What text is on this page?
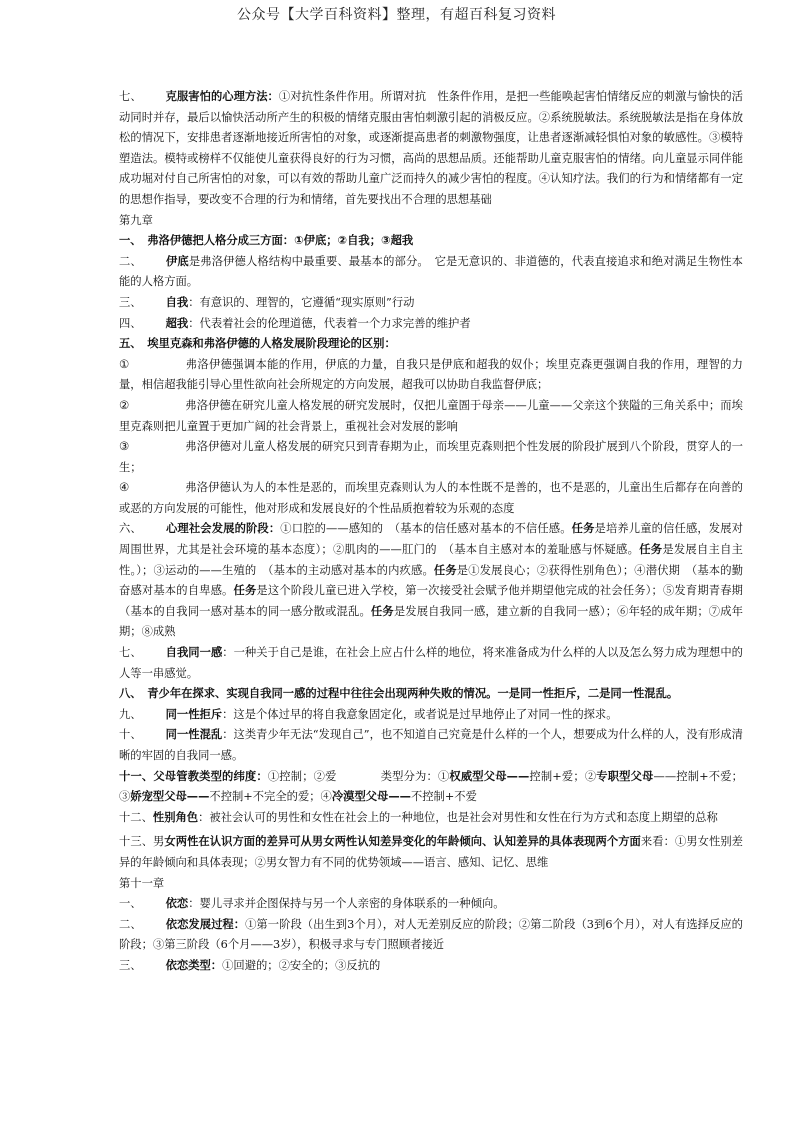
公众号【大学百科资料】整理，有超百科复习资料

七、 克服害怕的心理方法：①对抗性条件作用。所谓对抗　性条件作用，是把一些能唤起害怕情绪反应的刺激与愉快的活动同时并存，最后以愉快活动所产生的积极的情绪克服由害怕刺激引起的消极反应。②系统脱敏法。系统脱敏法是指在身体放松的情况下，安排患者逐渐地接近所害怕的对象，或逐渐提高患者的刺激物强度，让患者逐渐减轻惧怕对象的敏感性。③模特塑造法。模特或榜样不仅能使儿童获得良好的行为习惯，高尚的思想品质。还能帮助儿童克服害怕的情绪。向儿童显示同伴能成功堀对付自己所害怕的对象，可以有效的帮助儿童广泛而持久的减少害怕的程度。④认知疗法。我们的行为和情绪都有一定的思想作指导，要改变不合理的行为和情绪，首先要找出不合理的思想基础

第九章

一、　弗洛伊德把人格分成三方面：①伊底；②自我；③超我

二、 伊底是弗洛伊德人格结构中最重要、最基本的部分。　它是无意识的、非道德的，代表直接追求和绝对满足生物性本能的人格方面。

三、 自我：有意识的、理智的，它遵循“现实原则”行动

四、 超我：代表着社会的伦理道德，代表着一个力求完善的维护者

五、　埃里克森和弗洛伊德的人格发展阶段理论的区别：

①	弗洛伊德强调本能的作用，伊底的力量，自我只是伊底和超我的奴仆；埃里克森更强调自我的作用，理智的力量，相信超我能引导心里性欲向社会所规定的方向发展，超我可以协助自我监督伊底；

②	弗洛伊德在研究儿童人格发展的研究发展时，仅把儿童圄于母亲——儿童——父亲这个狭隘的三角关系中；而埃里克森则把儿童置于更加广阔的社会背景上，重视社会对发展的影响

③	弗洛伊德对儿童人格发展的研究只到青春期为止，而埃里克森则把个性发展的阶段扩展到八个阶段，贯穿人的一生；

④	弗洛伊德认为人的本性是恶的，而埃里克森则认为人的本性既不是善的，也不是恶的，儿童出生后都存在向善的或恶的方向发展的可能性，他对形成和发展良好的个性品质抱着较为乐观的态度

六、 心理社会发展的阶段：①口腔的——感知的　（基本的信任感对基本的不信任感。任务是培养儿童的信任感，发展对周围世界，尤其是社会环境的基本态度）；②肌肉的——肛门的　（基本自主感对本的羞耻感与怀疑感。任务是发展自主自主性。）；③运动的——生殖的　（基本的主动感对基本的内疚感。任务是①发展良心；②获得性别角色）；④潜伏期　（基本的勤奋感对基本的自卑感。任务是这个阶段儿童已进入学校，第一次接受社会赋予他并期望他完成的社会任务）；⑤发育期青春期　（基本的自我同一感对基本的同一感分散或混乱。任务是发展自我同一感，建立新的自我同一感）；⑥年轻的成年期；⑦成年期；⑧成熟

七、 自我同一感：一种关于自己是谁，在社会上应占什么样的地位，将来准备成为什么样的人以及怎么努力成为理想中的人等一串感觉。

八、　青少年在探求、实现自我同一感的过程中往往会出现两种失败的情况。一是同一性拒斥，二是同一性混乱。

九、 同一性拒斥：这是个体过早的将自我意象固定化，或者说是过早地停止了对同一性的探求。

十、 同一性混乱：这类青少年无法“发现自己”，也不知道自己究竟是什么样的一个人，想要成为什么样的人，没有形成清晰的牢固的自我同一感。

十一、父母管教类型的纬度：①控制；②爱	类型分为：①权威型父母——控制+爱；②专职型父母——控制+不爱；③娇宠型父母——不控制+不完全的爱；④冷漠型父母——不控制+不爱

十二、性别角色：被社会认可的男性和女性在社会上的一种地位，也是社会对男性和女性在行为方式和态度上期望的总称

十三、男女两性在认识方面的差异可从男女两性认知差异变化的年龄倾向、认知差异的具体表现两个方面来看：①男女性别差异的年龄倾向和具体表现；②男女智力有不同的优势领域——语言、感知、记忆、思维

第十一章

一、 依恋：婴儿寻求并企图保持与另一个人亲密的身体联系的一种倾向。

二、 依恋发展过程：①第一阶段（出生到3个月），对人无差别反应的阶段；②第二阶段（3到6个月），对人有选择反应的阶段；③第三阶段（6个月——3岁），积极寻求与专门照顾者接近

三、 依恋类型：①回避的；②安全的；③反抗的
